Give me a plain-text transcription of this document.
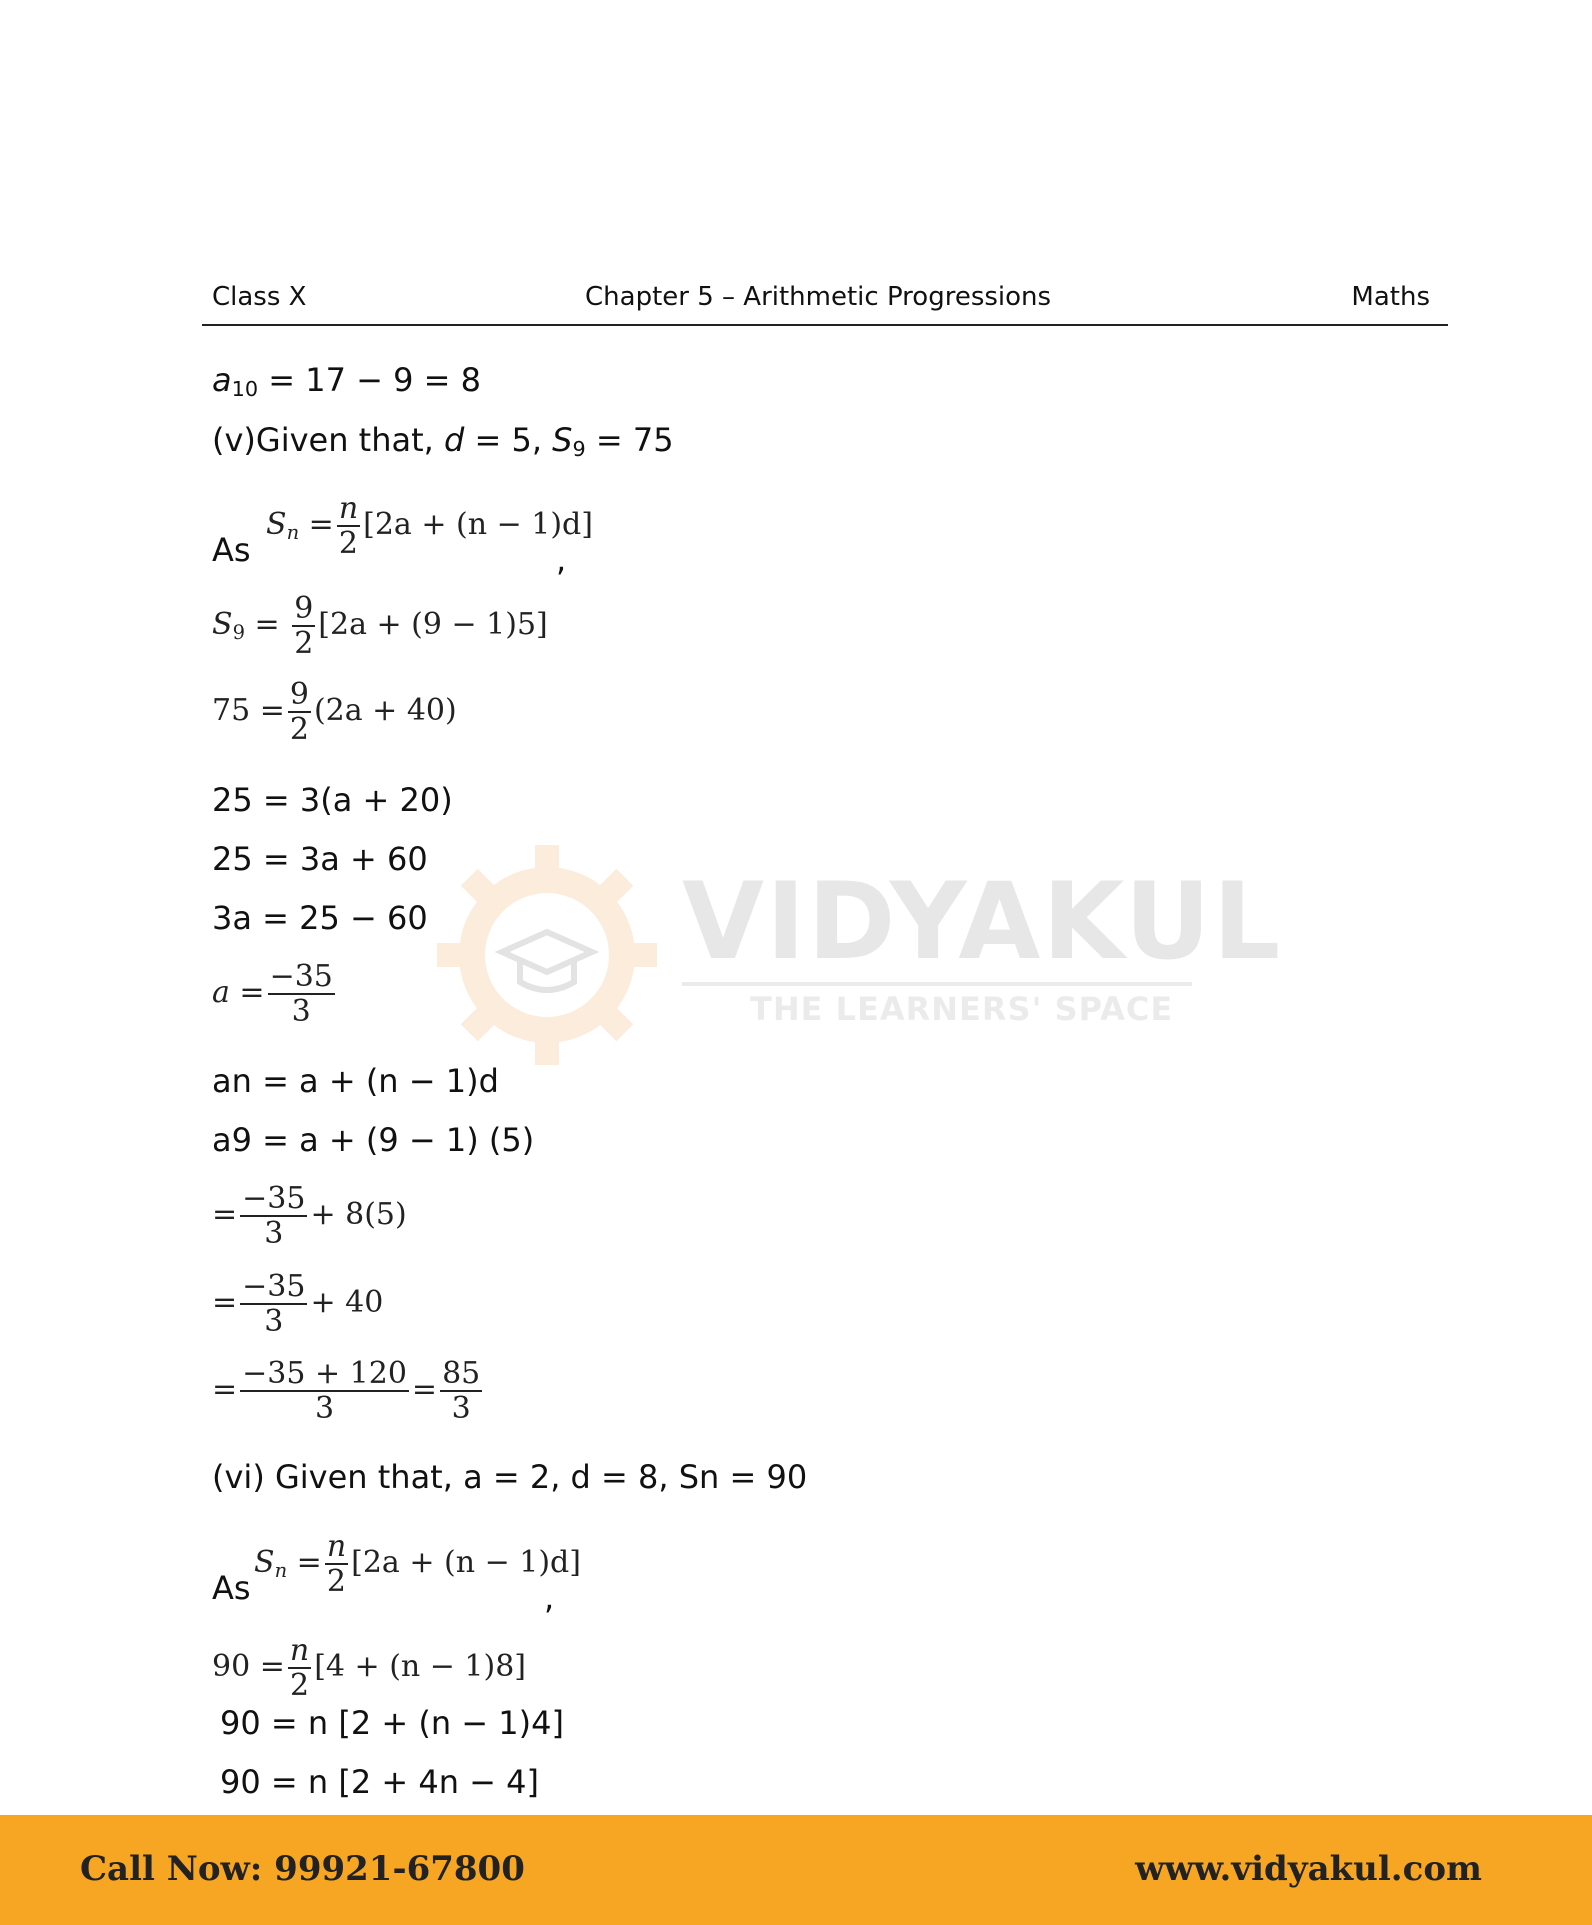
Class X	Chapter 5 – Arithmetic Progressions	Maths
VIDYAKUL
THE LEARNERS' SPACE
$a_{10} = 17 - 9 = 8$
(v)Given that, d = 5, $S_9 = 75$
As
$S_n = \frac{n}{2} [2a + (n - 1)d]$
,
$S_9 = \frac{9}{2} [2a + (9 - 1)5]$
$75 = \frac{9}{2} (2a + 40)$
25 = 3(a + 20)
25 = 3a + 60
3a = 25 − 60
$a = \frac{-35}{3}$
an = a + (n − 1)d
a9 = a + (9 − 1) (5)
= $\frac{-35}{3} + 8(5)$
= $\frac{-35}{3} + 40$
= $\frac{-35 + 120}{3} = \frac{85}{3}$
(vi) Given that, a = 2, d = 8, Sn = 90
As
$S_n = \frac{n}{2} [2a + (n - 1)d]$
,
$90 = \frac{n}{2} [4 + (n - 1)8]$
90 = n [2 + (n − 1)4]
90 = n [2 + 4n − 4]
Call Now: 99921-67800	www.vidyakul.com
